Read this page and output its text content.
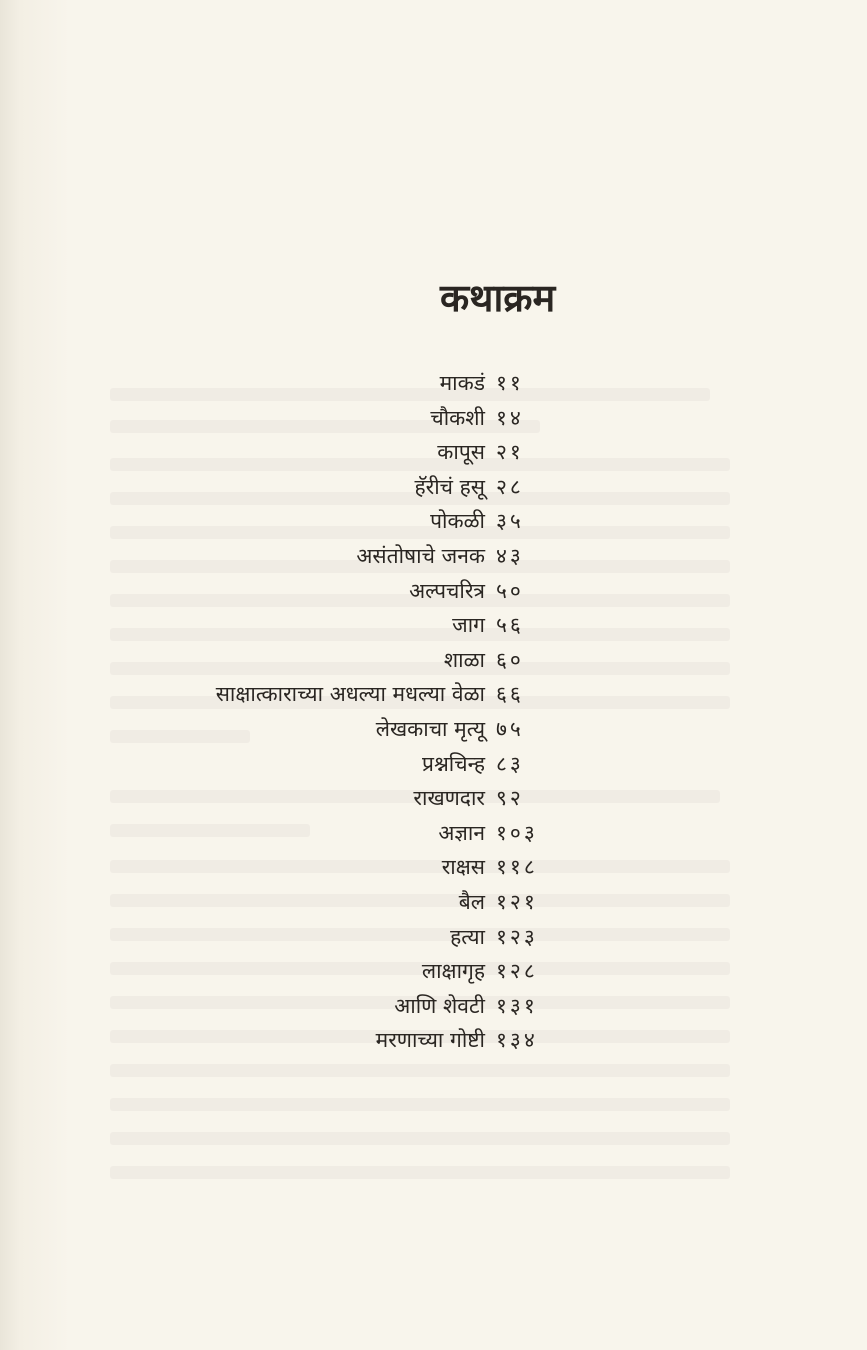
कथाक्रम
माकडं ११
चौकशी १४
कापूस २१
हॅरीचं हसू २८
पोकळी ३५
असंतोषाचे जनक ४३
अल्पचरित्र ५०
जाग ५६
शाळा ६०
साक्षात्काराच्या अधल्या मधल्या वेळा ६६
लेखकाचा मृत्यू ७५
प्रश्नचिन्ह ८३
राखणदार ९२
अज्ञान १०३
राक्षस ११८
बैल १२१
हत्या १२३
लाक्षागृह १२८
आणि शेवटी १३१
मरणाच्या गोष्टी १३४
